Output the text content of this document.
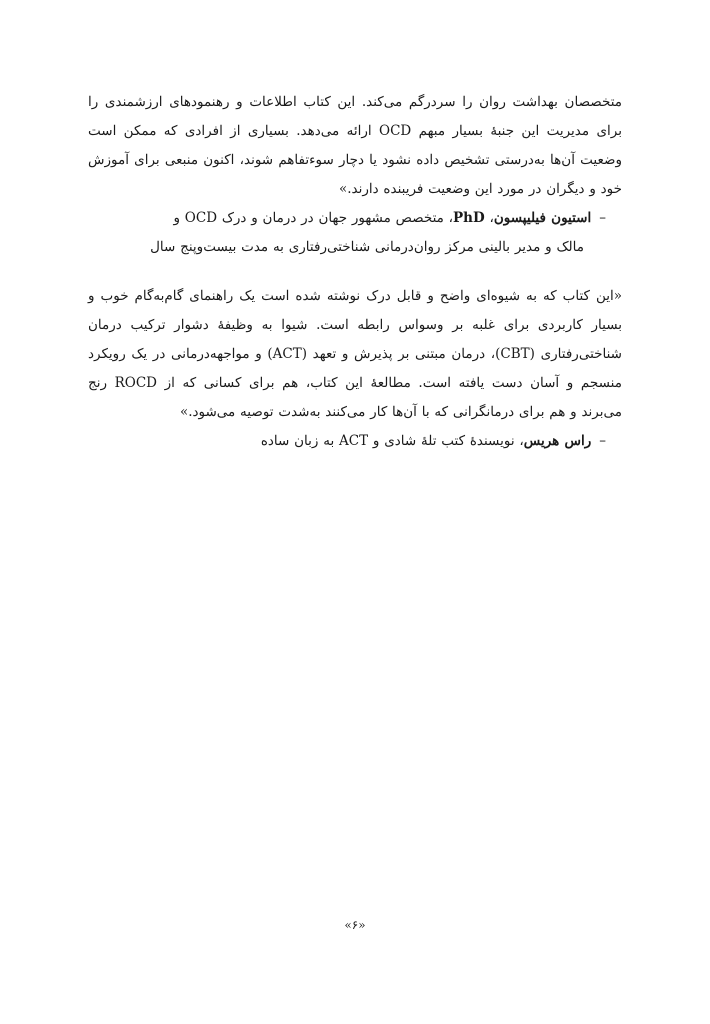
متخصصان بهداشت روان را سردرگم می‌کند. این کتاب اطلاعات و رهنمودهای ارزشمندی را برای مدیریت این جنبهٔ بسیار مبهم OCD ارائه می‌دهد. بسیاری از افرادی که ممکن است وضعیت آن‌ها به‌درستی تشخیص داده نشود یا دچار سوءتفاهم شوند، اکنون منبعی برای آموزش خود و دیگران در مورد این وضعیت فریبنده دارند.»

–استیون فیلیپسون، PhD، متخصص مشهور جهان در درمان و درک OCD و

مالک و مدیر بالینی مرکز روان‌درمانی شناختی‌رفتاری به مدت بیست‌وپنج سال

«این کتاب که به شیوه‌ای واضح و قابل درک نوشته شده است یک راهنمای گام‌به‌گام خوب و بسیار کاربردی برای غلبه بر وسواس رابطه است. شیوا به وظیفهٔ دشوار ترکیب درمان شناختی‌رفتاری (CBT)، درمان مبتنی بر پذیرش و تعهد (ACT) و مواجهه‌درمانی در یک رویکرد منسجم و آسان دست یافته است. مطالعهٔ این کتاب، هم برای کسانی که از ROCD رنج می‌برند و هم برای درمانگرانی که با آن‌ها کار می‌کنند به‌شدت توصیه می‌شود.»

–راس هریس، نویسندهٔ کتب تلهٔ شادی و ACT به زبان ساده

«۶»
